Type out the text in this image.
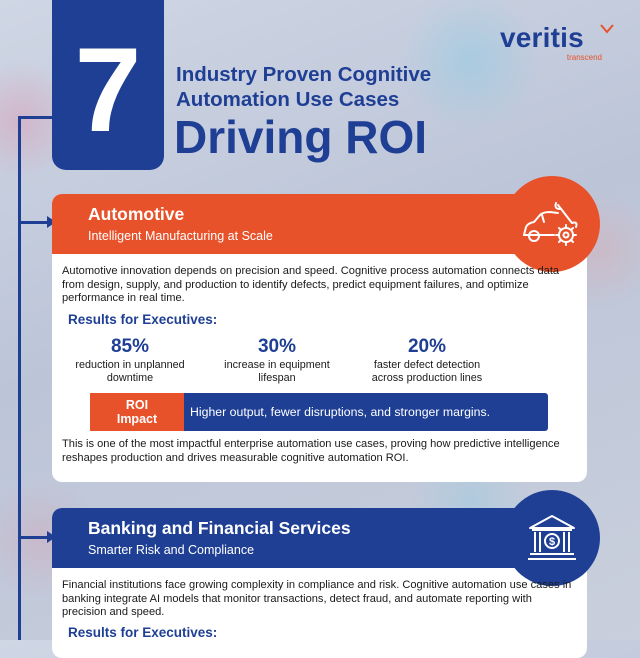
7 Industry Proven Cognitive
Automation Use Cases
Driving ROI
veritis
transcend
Automotive
Intelligent Manufacturing at Scale
Automotive innovation depends on precision and speed. Cognitive process automation connects data from design, supply, and production to identify defects, predict equipment failures, and optimize performance in real time.
Results for Executives:
85%
reduction in unplanned
downtime
30%
increase in equipment
lifespan
20%
faster defect detection
across production lines
ROI
Impact	Higher output, fewer disruptions, and stronger margins.
This is one of the most impactful enterprise automation use cases, proving how predictive intelligence reshapes production and drives measurable cognitive automation ROI.
Banking and Financial Services
Smarter Risk and Compliance
$
Financial institutions face growing complexity in compliance and risk. Cognitive automation use cases in banking integrate AI models that monitor transactions, detect fraud, and automate reporting with precision and speed.
Results for Executives:
